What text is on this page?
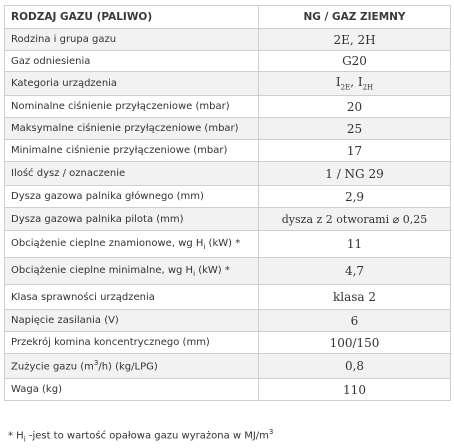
RODZAJ GAZU (PALIWO)	NG / GAZ ZIEMNY
Rodzina i grupa gazu	2E, 2H
Gaz odniesienia	G20
Kategoria urządzenia	$I_{2E}$, $I_{2H}$
Nominalne ciśnienie przyłączeniowe (mbar)	20
Maksymalne ciśnienie przyłączeniowe (mbar)	25
Minimalne ciśnienie przyłączeniowe (mbar)	17
Ilość dysz / oznaczenie	1 / NG 29
Dysza gazowa palnika głównego (mm)	2,9
Dysza gazowa palnika pilota (mm)	dysza z 2 otworami ⌀ 0,25
Obciążenie cieplne znamionowe, wg $H_i$ (kW) *	11
Obciążenie cieplne minimalne, wg $H_i$ (kW) *	4,7
Klasa sprawności urządzenia	klasa 2
Napięcie zasilania (V)	6
Przekrój komina koncentrycznego (mm)	100/150
Zużycie gazu $(m^3/h)$ (kg/LPG)	0,8
Waga (kg)	110
* $H_i$ -jest to wartość opałowa gazu wyrażona w $MJ/m^3$
